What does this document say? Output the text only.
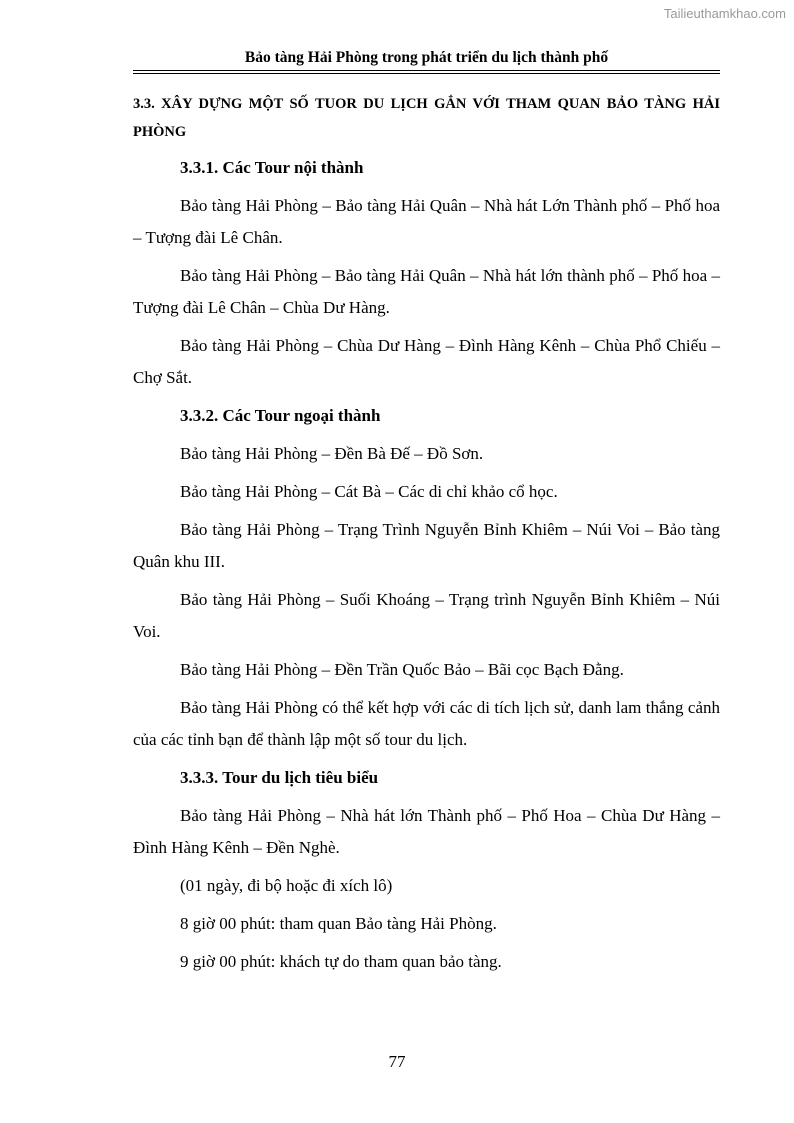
Tailieuthamkhao.com
Bảo tàng Hải Phòng trong phát triển du lịch thành phố

3.3. XÂY DỰNG MỘT SỐ TUOR DU LỊCH GẮN VỚI THAM QUAN BẢO TÀNG HẢI PHÒNG

3.3.1. Các Tour nội thành

Bảo tàng Hải Phòng – Bảo tàng Hải Quân – Nhà hát Lớn Thành phố – Phố hoa – Tượng đài Lê Chân.

Bảo tàng Hải Phòng – Bảo tàng Hải Quân – Nhà hát lớn thành phố – Phố hoa – Tượng đài Lê Chân – Chùa Dư Hàng.

Bảo tàng Hải Phòng – Chùa Dư Hàng – Đình Hàng Kênh – Chùa Phổ Chiếu – Chợ Sắt.

3.3.2. Các Tour ngoại thành

Bảo tàng Hải Phòng – Đền Bà Đế – Đồ Sơn.

Bảo tàng Hải Phòng – Cát Bà – Các di chỉ khảo cổ học.

Bảo tàng Hải Phòng – Trạng Trình Nguyễn Bỉnh Khiêm – Núi Voi – Bảo tàng Quân khu III.

Bảo tàng Hải Phòng – Suối Khoáng – Trạng trình Nguyễn Bỉnh Khiêm – Núi Voi.

Bảo tàng Hải Phòng – Đền Trần Quốc Bảo – Bãi cọc Bạch Đằng.

Bảo tàng Hải Phòng có thể kết hợp với các di tích lịch sử, danh lam thắng cảnh của các tỉnh bạn để thành lập một số tour du lịch.

3.3.3. Tour du lịch tiêu biểu

Bảo tàng Hải Phòng – Nhà hát lớn Thành phố – Phố Hoa – Chùa Dư Hàng – Đình Hàng Kênh – Đền Nghè.

(01 ngày, đi bộ hoặc đi xích lô)

8 giờ 00 phút: tham quan Bảo tàng Hải Phòng.

9 giờ 00 phút: khách tự do tham quan bảo tàng.

77
